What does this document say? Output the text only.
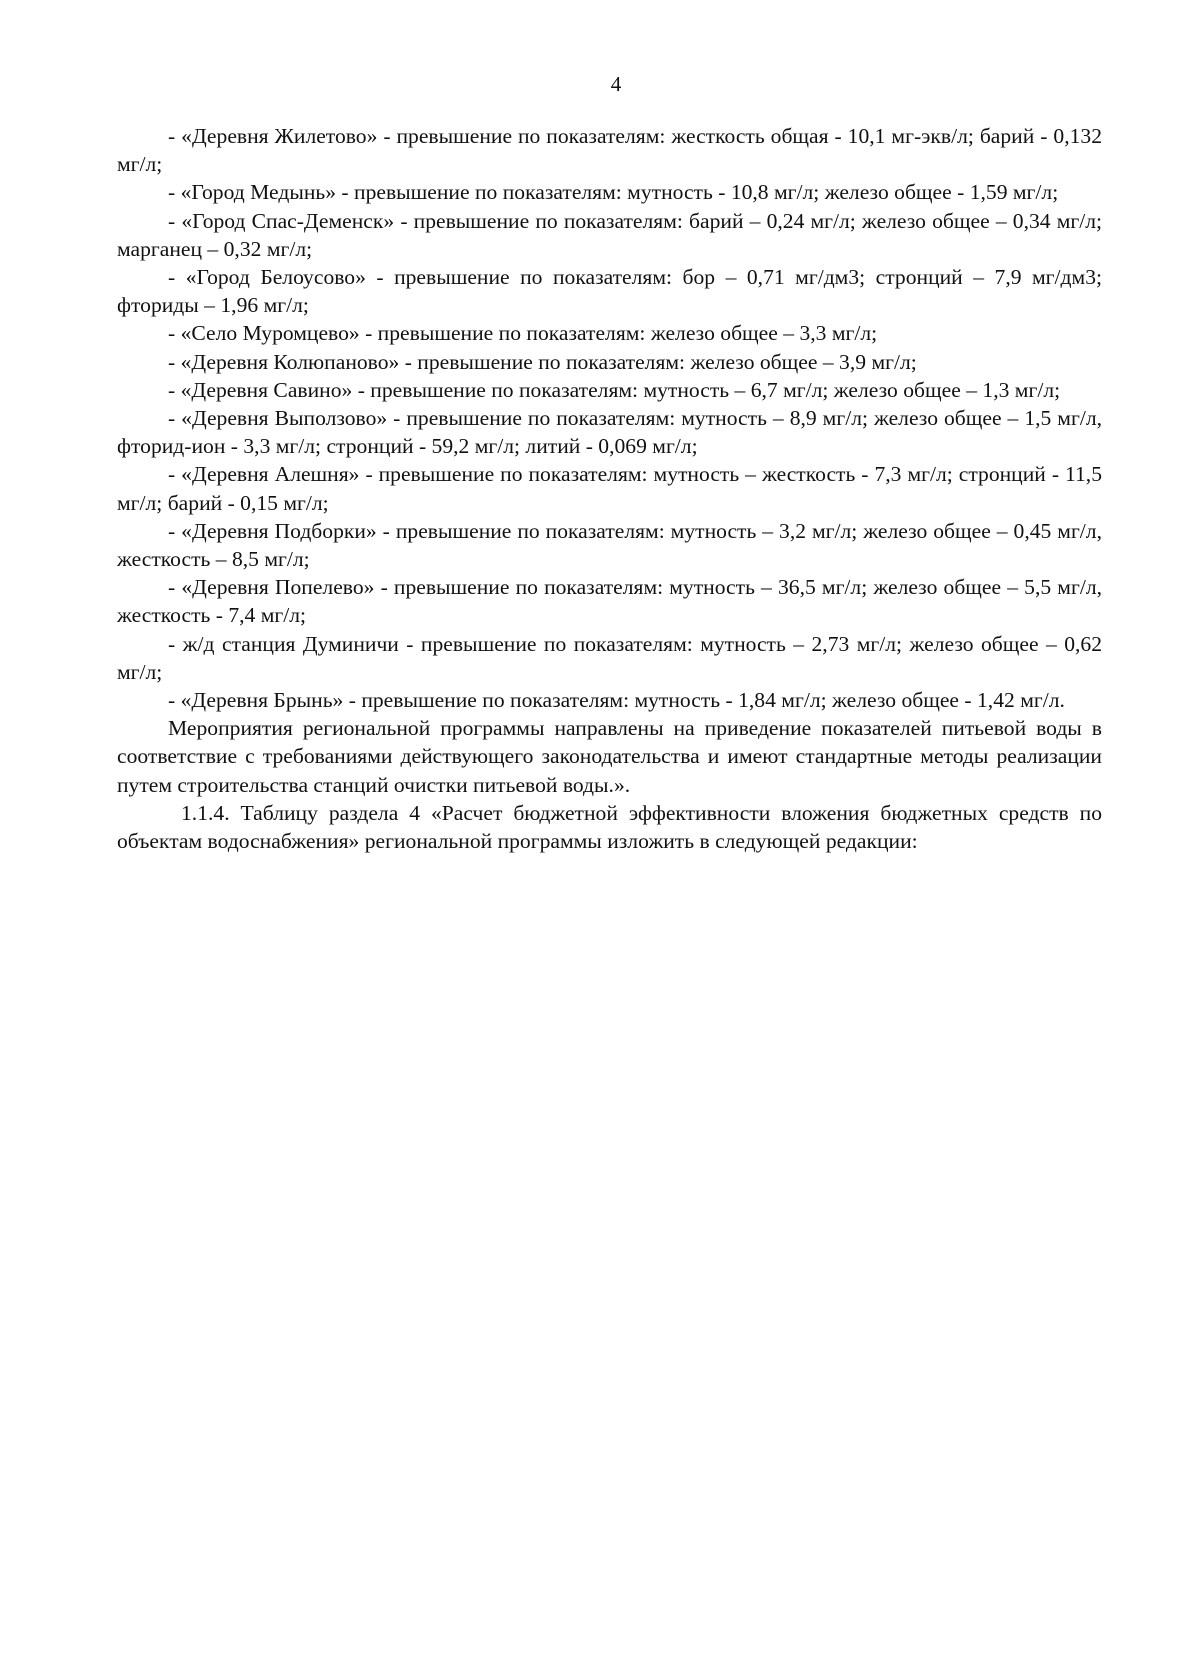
4

- «Деревня Жилетово» - превышение по показателям: жесткость общая - 10,1 мг-экв/л; барий - 0,132 мг/л;

- «Город Медынь» - превышение по показателям: мутность - 10,8 мг/л; железо общее - 1,59 мг/л;

- «Город Спас-Деменск» - превышение по показателям: барий – 0,24 мг/л; железо общее – 0,34 мг/л; марганец – 0,32 мг/л;

- «Город Белоусово» - превышение по показателям: бор – 0,71 мг/дм3; стронций – 7,9 мг/дм3; фториды – 1,96 мг/л;

- «Село Муромцево» - превышение по показателям: железо общее – 3,3 мг/л;

- «Деревня Колюпаново» - превышение по показателям: железо общее – 3,9 мг/л;

- «Деревня Савино» - превышение по показателям: мутность – 6,7 мг/л; железо общее – 1,3 мг/л;

- «Деревня Выползово» - превышение по показателям: мутность – 8,9 мг/л; железо общее – 1,5 мг/л, фторид-ион - 3,3 мг/л; стронций - 59,2 мг/л; литий - 0,069 мг/л;

- «Деревня Алешня» - превышение по показателям: мутность – жесткость - 7,3 мг/л; стронций - 11,5 мг/л; барий - 0,15 мг/л;

- «Деревня Подборки» - превышение по показателям: мутность – 3,2 мг/л; железо общее – 0,45 мг/л, жесткость – 8,5 мг/л;

- «Деревня Попелево» - превышение по показателям: мутность – 36,5 мг/л; железо общее – 5,5 мг/л, жесткость - 7,4 мг/л;

- ж/д станция Думиничи - превышение по показателям: мутность – 2,73 мг/л; железо общее – 0,62 мг/л;

- «Деревня Брынь» - превышение по показателям: мутность - 1,84 мг/л; железо общее - 1,42 мг/л.

Мероприятия региональной программы направлены на приведение показателей питьевой воды в соответствие с требованиями действующего законодательства и имеют стандартные методы реализации путем строительства станций очистки питьевой воды.».

1.1.4. Таблицу раздела 4 «Расчет бюджетной эффективности вложения бюджетных средств по объектам водоснабжения» региональной программы изложить в следующей редакции:
